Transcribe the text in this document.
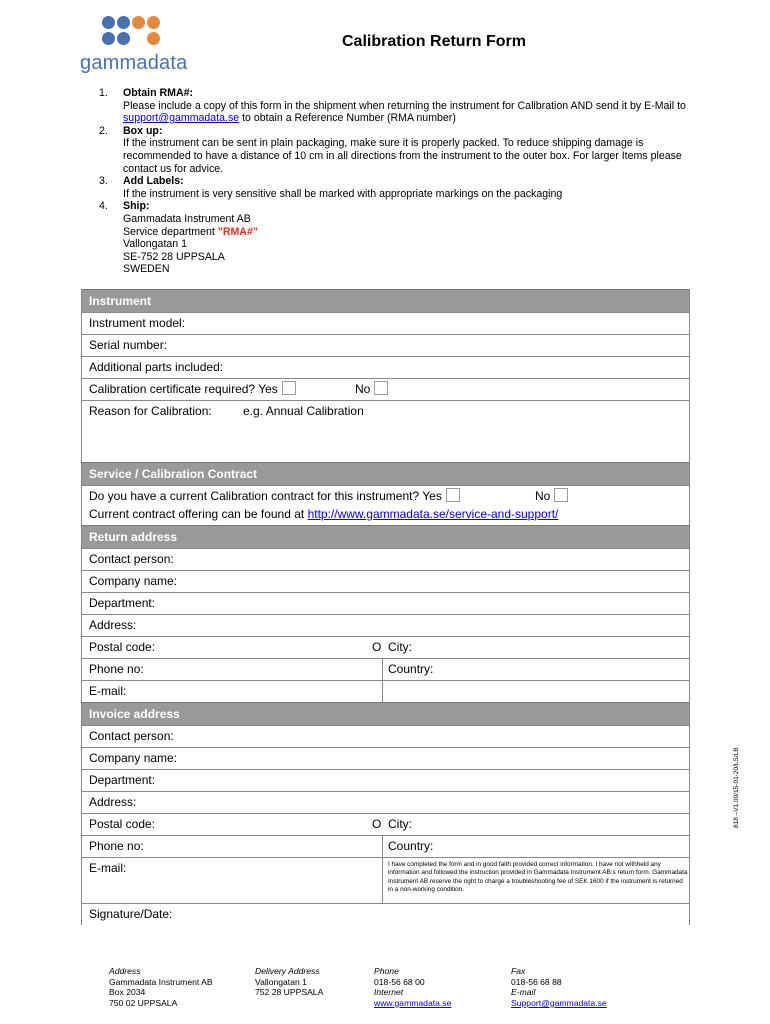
gammadata
Calibration Return Form
1. Obtain RMA#:
Please include a copy of this form in the shipment when returning the instrument for Calibration AND send it by E-Mail to support@gammadata.se to obtain a Reference Number (RMA number)
2. Box up:
If the instrument can be sent in plain packaging, make sure it is properly packed. To reduce shipping damage is recommended to have a distance of 10 cm in all directions from the instrument to the outer box. For larger Items please contact us for advice.
3. Add Labels:
If the instrument is very sensitive shall be marked with appropriate markings on the packaging
4. Ship:
Gammadata Instrument AB
Service department "RMA#"
Vallongatan 1
SE-752 28 UPPSALA
SWEDEN
Instrument
Instrument model:
Serial number:
Additional parts included:
Calibration certificate required? Yes	No
Reason for Calibration:	e.g. Annual Calibration
Service / Calibration Contract
Do you have a current Calibration contract for this instrument? Yes	No
Current contract offering can be found at http://www.gammadata.se/service-and-support/
Return address
Contact person:
Company name:
Department:
Address:
Postal code:	O City:
Phone no:	Country:
E-mail:
Invoice address
Contact person:
Company name:
Department:
Address:
Postal code:	O City:
Phone no:	Country:
E-mail:	I have completed the form and in good faith provided correct information. I have not withheld any information and followed the instruction provided in Gammadata Instrument AB:s return form. Gammadata Instrument AB reserve the right to charge a troubleshooting fee of SEK 1600 if the instrument is returned in a non-working condition.
Signature/Date:
818 –V1.00/15-01-20/LS/LB
Address
Gammadata Instrument AB
Box 2034
750 02 UPPSALA
Delivery Address
Vallongatan 1
752 28 UPPSALA
Phone
018-56 68 00
Internet
www.gammadata.se
Fax
018-56 68 88
E-mail
Support@gammadata.se
